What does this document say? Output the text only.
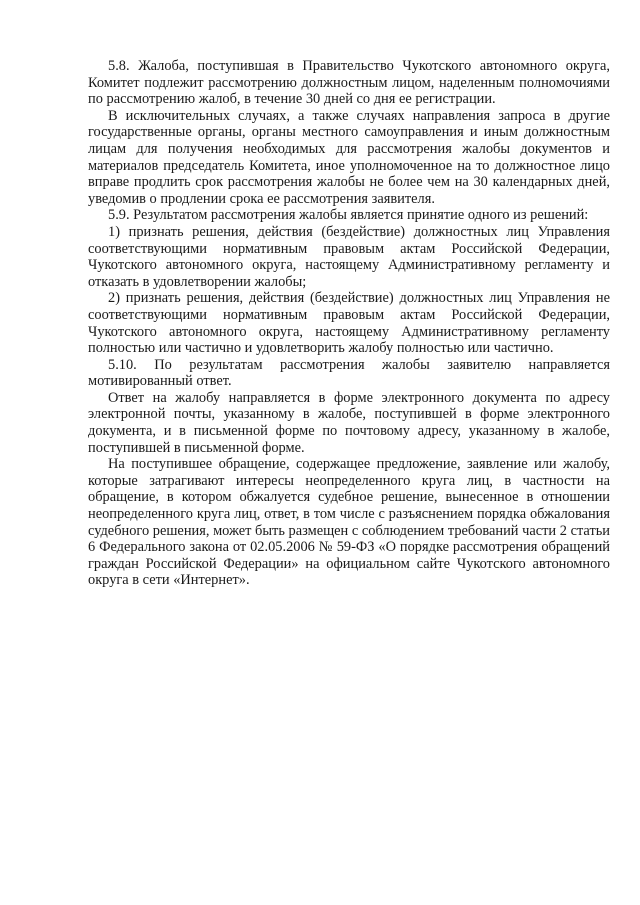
5.8. Жалоба, поступившая в Правительство Чукотского автономного округа, Комитет подлежит рассмотрению должностным лицом, наделенным полномочиями по рассмотрению жалоб, в течение 30 дней со дня ее регистрации.

В исключительных случаях, а также случаях направления запроса в другие государственные органы, органы местного самоуправления и иным должностным лицам для получения необходимых для рассмотрения жалобы документов и материалов председатель Комитета, иное уполномоченное на то должностное лицо вправе продлить срок рассмотрения жалобы не более чем на 30 календарных дней, уведомив о продлении срока ее рассмотрения заявителя.

5.9. Результатом рассмотрения жалобы является принятие одного из решений:

1) признать решения, действия (бездействие) должностных лиц Управления соответствующими нормативным правовым актам Российской Федерации, Чукотского автономного округа, настоящему Административному регламенту и отказать в удовлетворении жалобы;

2) признать решения, действия (бездействие) должностных лиц Управления не соответствующими нормативным правовым актам Российской Федерации, Чукотского автономного округа, настоящему Административному регламенту полностью или частично и удовлетворить жалобу полностью или частично.

5.10. По результатам рассмотрения жалобы заявителю направляется мотивированный ответ.

Ответ на жалобу направляется в форме электронного документа по адресу электронной почты, указанному в жалобе, поступившей в форме электронного документа, и в письменной форме по почтовому адресу, указанному в жалобе, поступившей в письменной форме.

На поступившее обращение, содержащее предложение, заявление или жалобу, которые затрагивают интересы неопределенного круга лиц, в частности на обращение, в котором обжалуется судебное решение, вынесенное в отношении неопределенного круга лиц, ответ, в том числе с разъяснением порядка обжалования судебного решения, может быть размещен с соблюдением требований части 2 статьи 6 Федерального закона от 02.05.2006 № 59-ФЗ «О порядке рассмотрения обращений граждан Российской Федерации» на официальном сайте Чукотского автономного округа в сети «Интернет».
